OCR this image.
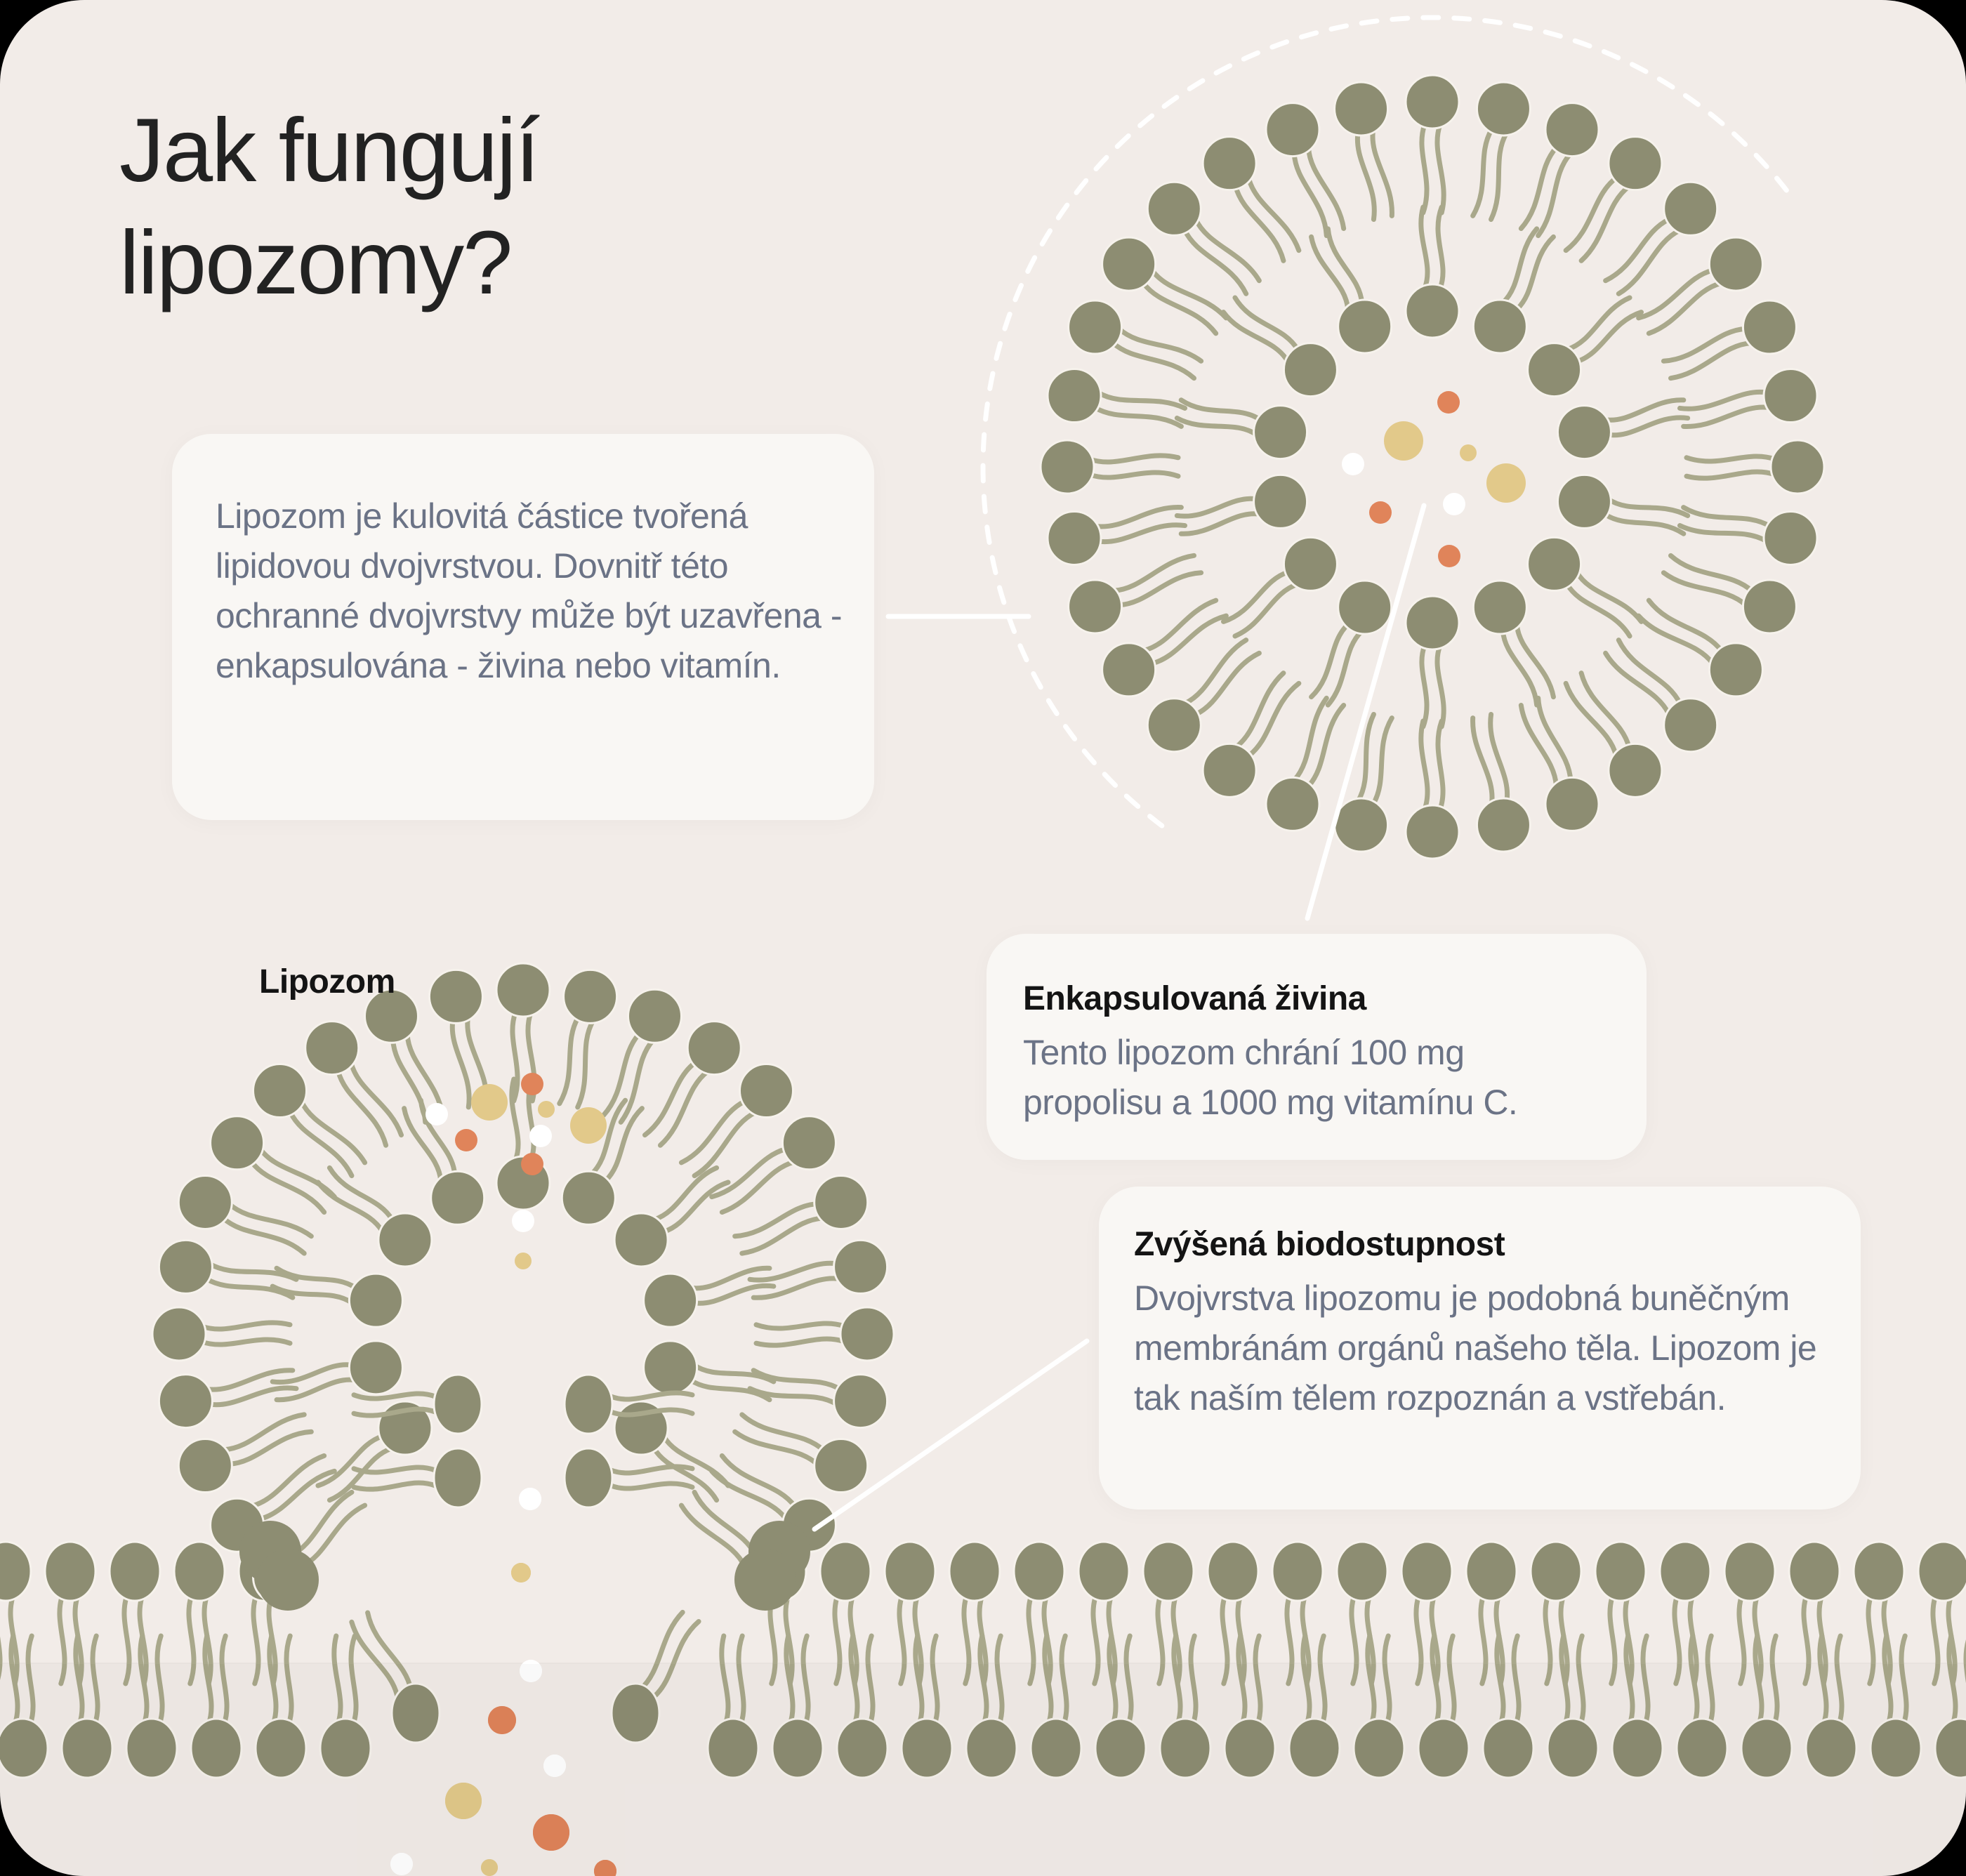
Jak fungují
lipozomy?
Lipozom

Lipozom je kulovitá částice tvořená lipidovou dvojvrstvou. Dovnitř této ochranné dvojvrstvy může být uzavřena - enkapsulována - živina nebo vitamín.

Enkapsulovaná živina

Tento lipozom chrání 100 mg propolisu a 1000 mg vitamínu C.

Zvýšená biodostupnost

Dvojvrstva lipozomu je podobná buněčným membránám orgánů našeho těla. Lipozom je tak naším tělem rozpoznán a vstřebán.
